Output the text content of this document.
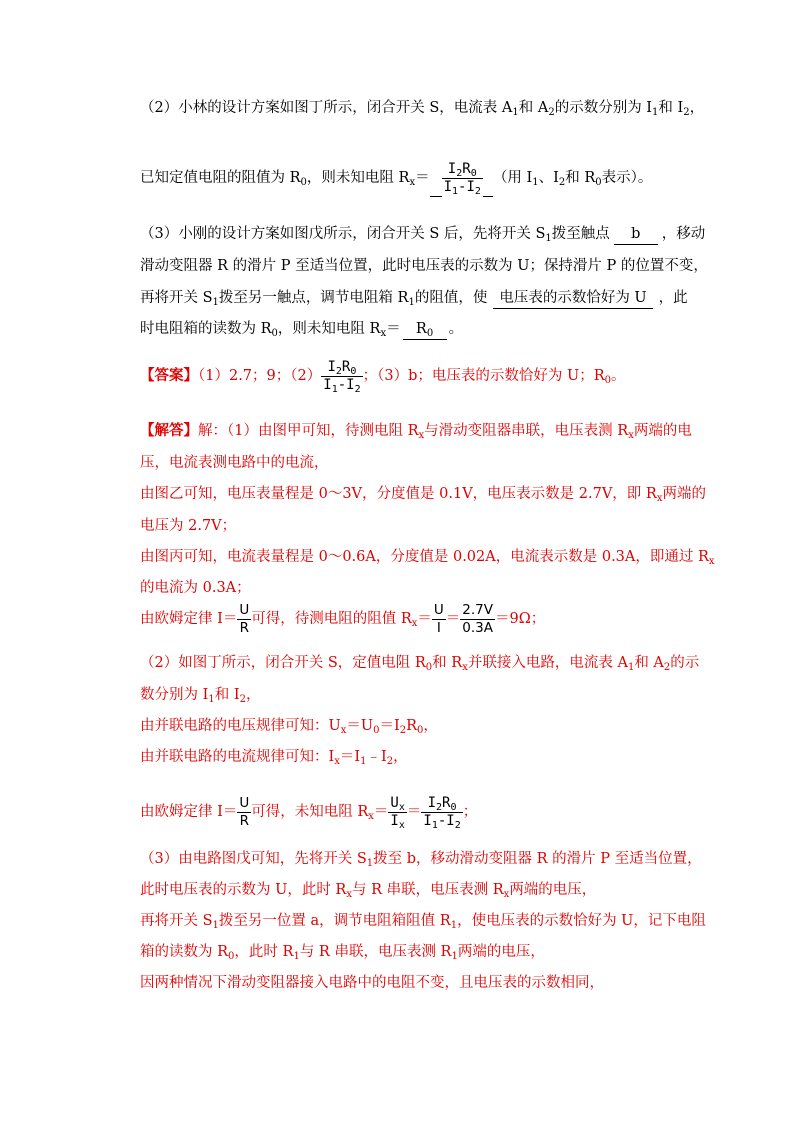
（2）小林的设计方案如图丁所示，闭合开关 S，电流表 $A_1$和 $A_2$的示数分别为 $I_1$和 $I_2$，
已知定值电阻的阻值为 $R_0$，则未知电阻 $R_x= \frac{I_2R_0}{I_1-I_2}$ （用 $I_1$、$I_2$和 $R_0$表示）。
（3）小刚的设计方案如图戊所示，闭合开关 S 后，先将开关 $S_1$拨至触点 b ，移动
滑动变阻器 R 的滑片 P 至适当位置，此时电压表的示数为 U；保持滑片 P 的位置不变，
再将开关 $S_1$拨至另一触点，调节电阻箱 $R_1$的阻值，使 电压表的示数恰好为 U ，此
时电阻箱的读数为 $R_0$，则未知电阻 $R_x= R_0$ 。
【答案】（1）2.7；9；$(2) \frac{I_2R_0}{I_1-I_2}$ ；（3）b；电压表的示数恰好为 U；$R_0$。
【解答】解：（1）由图甲可知，待测电阻 $R_x$与滑动变阻器串联，电压表测 $R_x$两端的电
压，电流表测电路中的电流，
由图乙可知，电压表量程是 0～3V，分度值是 0.1V，电压表示数是 2.7V，即 $R_x$两端的
电压为 2.7V；
由图丙可知，电流表量程是 0～0.6A，分度值是 0.02A，电流表示数是 0.3A，即通过 $R_x$
的电流为 0.3A；
由欧姆定律 $I= \frac{U}{R}$ 可得，待测电阻的阻值 $R_x= \frac{U}{I} = \frac{2.7V}{0.3A} =9\Omega$；
（2）如图丁所示，闭合开关 S，定值电阻 $R_0$和 $R_x$并联接入电路，电流表 $A_1$和 $A_2$的示
数分别为 $I_1$和 $I_2$，
由并联电路的电压规律可知：$U_x=U_0=I_2R_0$，
由并联电路的电流规律可知：$I_x=I_1﹣I_2$，
由欧姆定律 $I= \frac{U}{R}$ 可得，未知电阻 $R_x= \frac{U_x}{I_x} = \frac{I_2R_0}{I_1-I_2}$ ；
（3）由电路图戊可知，先将开关 $S_1$拨至 b，移动滑动变阻器 R 的滑片 P 至适当位置，
此时电压表的示数为 U，此时 $R_x$与 R 串联，电压表测 $R_x$两端的电压，
再将开关 $S_1$拨至另一位置 a，调节电阻箱阻值 $R_1$，使电压表的示数恰好为 U，记下电阻
箱的读数为 $R_0$，此时 $R_1$与 R 串联，电压表测 $R_1$两端的电压，
因两种情况下滑动变阻器接入电路中的电阻不变，且电压表的示数相同，
